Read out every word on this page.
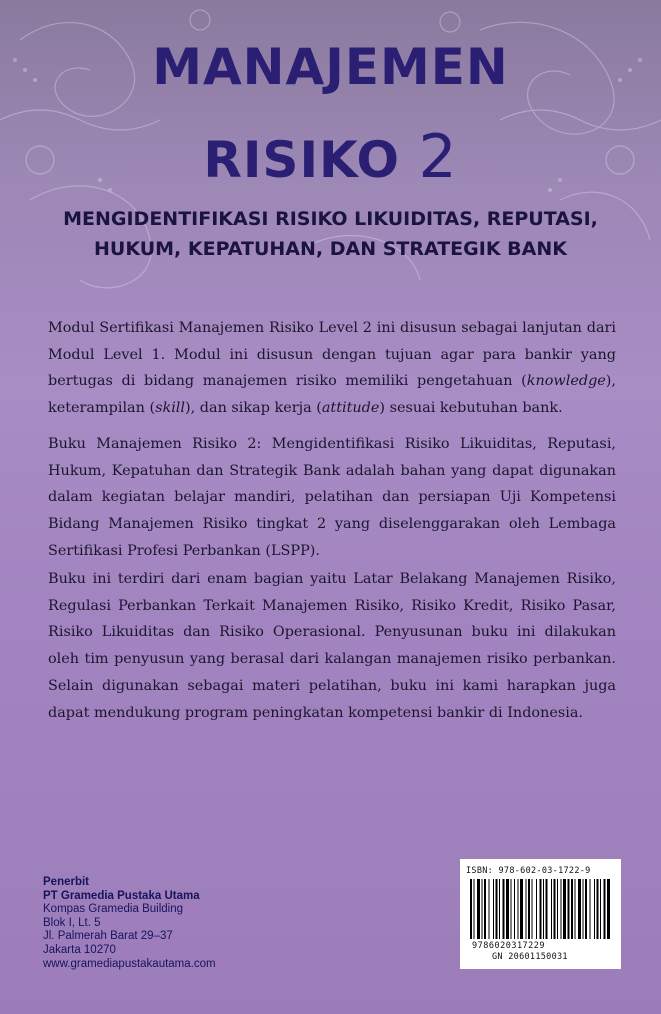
MANAJEMEN
RISIKO 2
MENGIDENTIFIKASI RISIKO LIKUIDITAS, REPUTASI,
HUKUM, KEPATUHAN, DAN STRATEGIK BANK
Modul Sertifikasi Manajemen Risiko Level 2 ini disusun sebagai lanjutan dari Modul Level 1. Modul ini disusun dengan tujuan agar para bankir yang bertugas di bidang manajemen risiko memiliki pengetahuan (knowledge), keterampilan (skill), dan sikap kerja (attitude) sesuai kebutuhan bank.
Buku Manajemen Risiko 2: Mengidentifikasi Risiko Likuiditas, Reputasi, Hukum, Kepatuhan dan Strategik Bank adalah bahan yang dapat digunakan dalam kegiatan belajar mandiri, pelatihan dan persiapan Uji Kompetensi Bidang Manajemen Risiko tingkat 2 yang diselenggarakan oleh Lembaga Sertifikasi Profesi Perbankan (LSPP).
Buku ini terdiri dari enam bagian yaitu Latar Belakang Manajemen Risiko, Regulasi Perbankan Terkait Manajemen Risiko, Risiko Kredit, Risiko Pasar, Risiko Likuiditas dan Risiko Operasional. Penyusunan buku ini dilakukan oleh tim penyusun yang berasal dari kalangan manajemen risiko perbankan. Selain digunakan sebagai materi pelatihan, buku ini kami harapkan juga dapat mendukung program peningkatan kompetensi bankir di Indonesia.
Penerbit
PT Gramedia Pustaka Utama
Kompas Gramedia Building
Blok I, Lt. 5
Jl. Palmerah Barat 29–37
Jakarta 10270
www.gramediapustakautama.com
ISBN: 978-602-03-1722-9
9786020317229
GN 20601150031
